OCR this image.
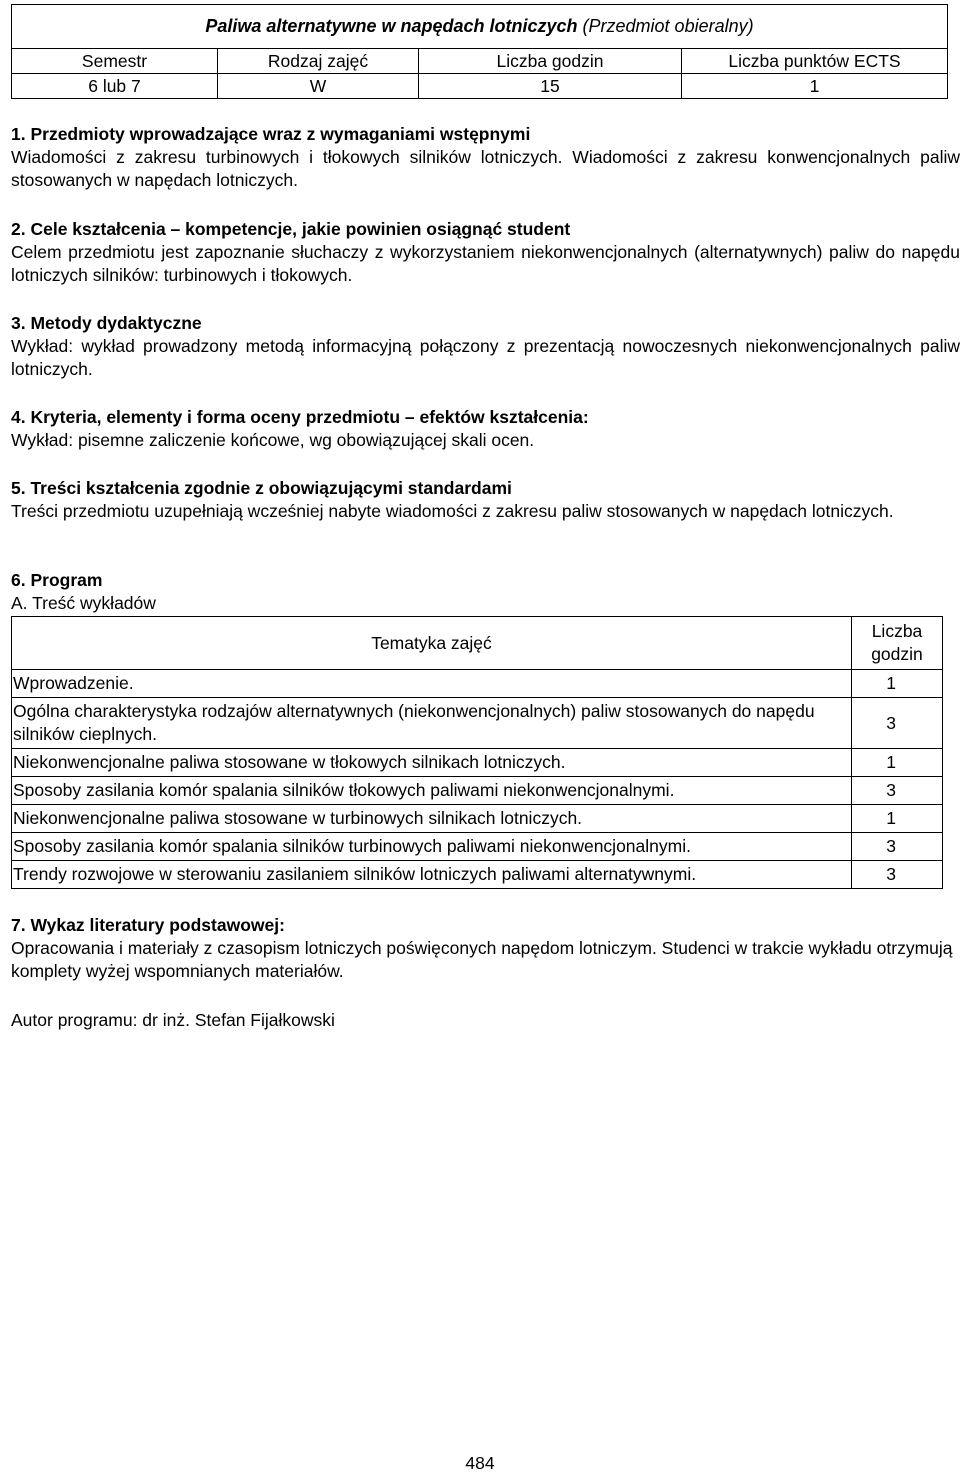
Paliwa alternatywne w napędach lotniczych (Przedmiot obieralny)			
Semestr	Rodzaj zajęć	Liczba godzin	Liczba punktów ECTS
6 lub 7	W	15	1
1. Przedmioty wprowadzające wraz z wymaganiami wstępnymi
Wiadomości z zakresu turbinowych i tłokowych silników lotniczych. Wiadomości z zakresu konwencjonalnych paliw stosowanych w napędach lotniczych.
2. Cele kształcenia – kompetencje, jakie powinien osiągnąć student
Celem przedmiotu jest zapoznanie słuchaczy z wykorzystaniem niekonwencjonalnych (alternatywnych) paliw do napędu lotniczych silników: turbinowych i tłokowych.
3. Metody dydaktyczne
Wykład: wykład prowadzony metodą informacyjną połączony z prezentacją nowoczesnych niekonwencjonalnych paliw lotniczych.
4. Kryteria, elementy i forma oceny przedmiotu – efektów kształcenia:
Wykład: pisemne zaliczenie końcowe, wg obowiązującej skali ocen.
5. Treści kształcenia zgodnie z obowiązującymi standardami
Treści przedmiotu uzupełniają wcześniej nabyte wiadomości z zakresu paliw stosowanych w napędach lotniczych.
6. Program
A. Treść wykładów
Tematyka zajęć	Liczba godzin
Wprowadzenie.	1
Ogólna charakterystyka rodzajów alternatywnych (niekonwencjonalnych) paliw stosowanych do napędu silników cieplnych.	3
Niekonwencjonalne paliwa stosowane w tłokowych silnikach lotniczych.	1
Sposoby zasilania komór spalania silników tłokowych paliwami niekonwencjonalnymi.	3
Niekonwencjonalne paliwa stosowane w turbinowych silnikach lotniczych.	1
Sposoby zasilania komór spalania silników turbinowych paliwami niekonwencjonalnymi.	3
Trendy rozwojowe w sterowaniu zasilaniem silników lotniczych paliwami alternatywnymi.	3
7. Wykaz literatury podstawowej:
Opracowania i materiały z czasopism lotniczych poświęconych napędom lotniczym. Studenci w trakcie wykładu otrzymują komplety wyżej wspomnianych materiałów.
Autor programu: dr inż. Stefan Fijałkowski
484
